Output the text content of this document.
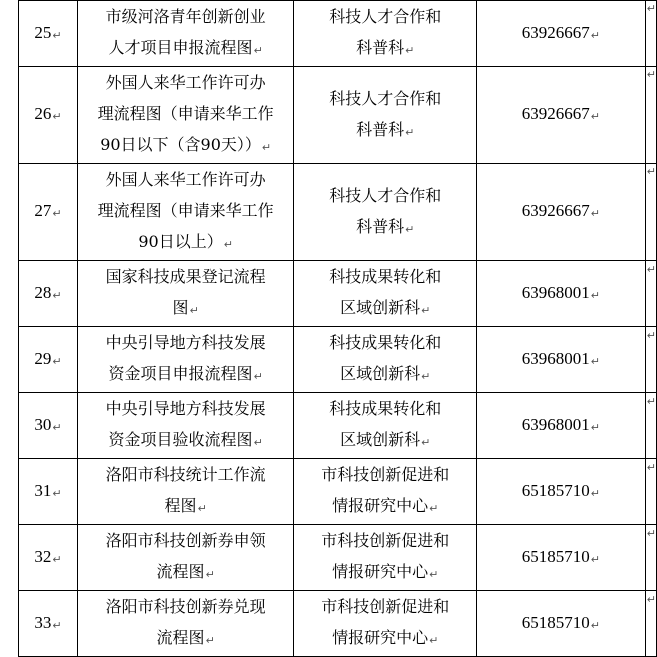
25↵	市级河洛青年创新创业
人才项目申报流程图↵	科技人才合作和
科普科↵	63926667↵	↵

26↵	外国人来华工作许可办
理流程图（申请来华工作
90日以下（含90天））↵	科技人才合作和
科普科↵	63926667↵	↵

27↵	外国人来华工作许可办
理流程图（申请来华工作
90日以上）↵	科技人才合作和
科普科↵	63926667↵	↵

28↵	国家科技成果登记流程
图↵	科技成果转化和
区域创新科↵	63968001↵	↵

29↵	中央引导地方科技发展
资金项目申报流程图↵	科技成果转化和
区域创新科↵	63968001↵	↵

30↵	中央引导地方科技发展
资金项目验收流程图↵	科技成果转化和
区域创新科↵	63968001↵	↵

31↵	洛阳市科技统计工作流
程图↵	市科技创新促进和
情报研究中心↵	65185710↵	↵

32↵	洛阳市科技创新券申领
流程图↵	市科技创新促进和
情报研究中心↵	65185710↵	↵

33↵	洛阳市科技创新券兑现
流程图↵	市科技创新促进和
情报研究中心↵	65185710↵	↵
